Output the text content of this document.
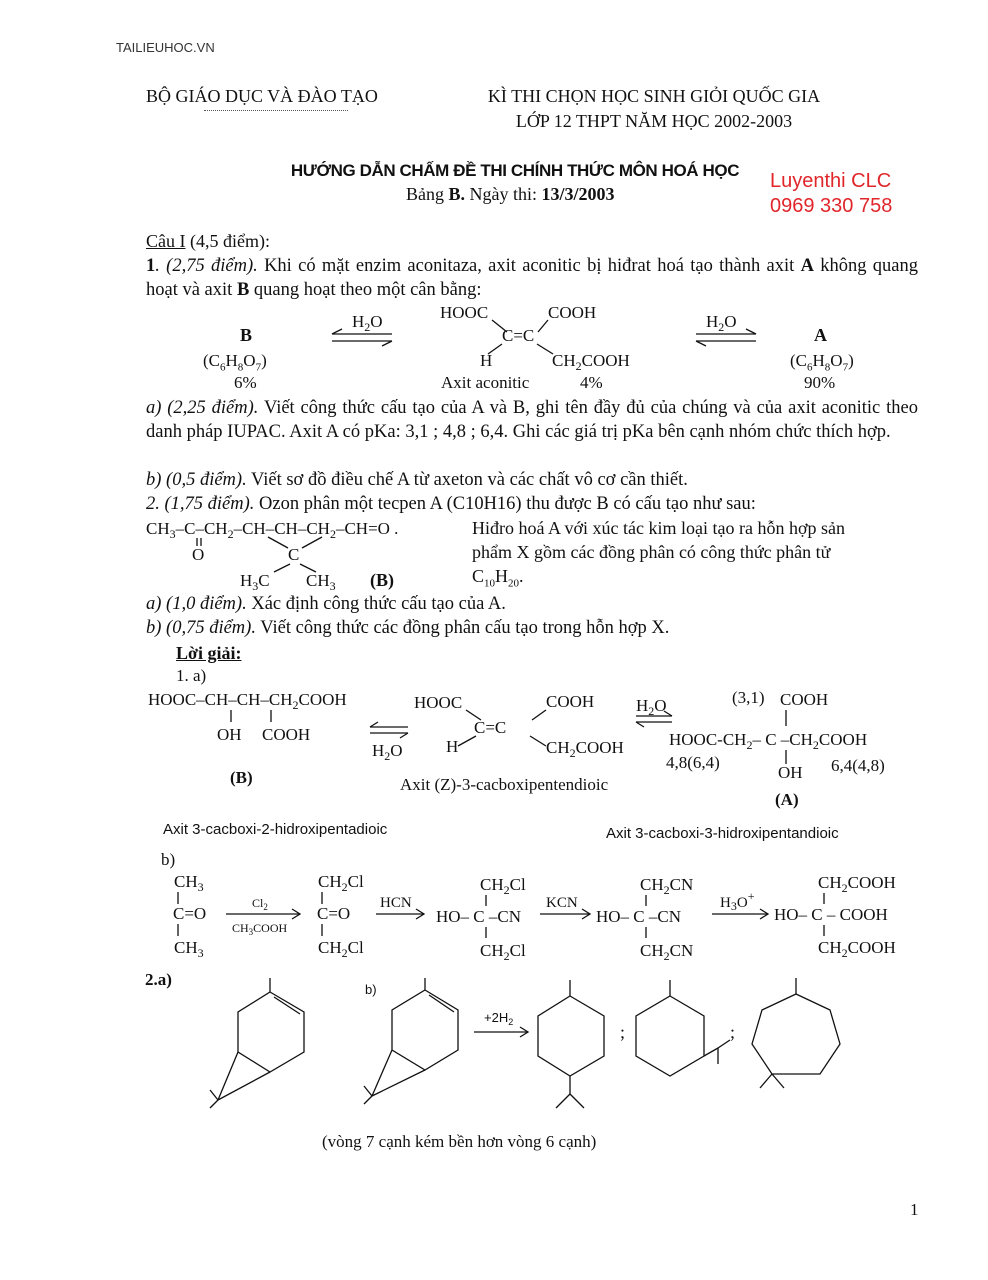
TAILIEUHOC.VN
BỘ GIÁO DỤC VÀ ĐÀO TẠO	KÌ THI CHỌN HỌC SINH GIỎI QUỐC GIA
LỚP 12 THPT NĂM HỌC 2002-2003
HƯỚNG DẪN CHẤM ĐỀ THI CHÍNH THỨC MÔN HOÁ HỌC
Bảng B. Ngày thi: 13/3/2003
Luyenthi CLC
0969 330 758
Câu I (4,5 điểm):
1. (2,75 điểm). Khi có mặt enzim aconitaza, axit aconitic bị hiđrat hoá tạo thành axit A không quang hoạt và axit B quang hoạt theo một cân bằng:
B
$(C_6H_8O_7)$
6%	Axit aconitic	4%
A
$(C_6H_8O_7)$
90%
a) (2,25 điểm). Viết công thức cấu tạo của A và B, ghi tên đầy đủ của chúng và của axit aconitic theo danh pháp IUPAC. Axit A có pKa: 3,1 ; 4,8 ; 6,4. Ghi các giá trị pKa bên cạnh nhóm chức thích hợp.
b) (0,5 điểm). Viết sơ đồ điều chế A từ axeton và các chất vô cơ cần thiết.
2. (1,75 điểm). Ozon phân một tecpen A (C10H16) thu được B có cấu tạo như sau:
Hiđro hoá A với xúc tác kim loại tạo ra hỗn hợp sản
phẩm X gồm các đồng phân có công thức phân tử
$C_{10}H_{20}$.
a) (1,0 điểm). Xác định công thức cấu tạo của A.
b) (0,75 điểm). Viết công thức các đồng phân cấu tạo trong hỗn hợp X.
Lời giải:
1. a)
(B)	Axit (Z)-3-cacboxipentendioic
(A)
Axit 3-cacboxi-2-hidroxipentadioic	Axit 3-cacboxi-3-hidroxipentandioic
(3,1)
4,8(6,4)	6,4(4,8)
b)
2.a)
b)
;	;
(vòng 7 cạnh kém bền hơn vòng 6 cạnh)
1
$H_2O$	HOOC	COOH
C=C
H	$CH_2COOH$
$H_2O$
$CH_3-C-CH_2-CH-CH-CH_2-CH=O$ .
O	C
$H_3C$ $CH_3$ (B)
HOOC–$CH-CH-CH_2COOH$
OH COOH
$H_2O$
HOOC	COOH
C=C
H	$CH_2COOH$
$H_2O$	COOH
HOOC-$CH_2-$ C $-CH_2COOH$
OH
$CH_3$
C=O
$CH_3$
$Cl_2$
$CH_3COOH$
$CH_2Cl$
C=O
$CH_2Cl$
HCN
$CH_2Cl$
HO– C –CN
$CH_2Cl$
KCN
$CH_2CN$
HO– C –CN
$CH_2CN$
$H_3O^+$
$CH_2COOH$
HO– C – COOH
$CH_2COOH$
$+2H_2$
